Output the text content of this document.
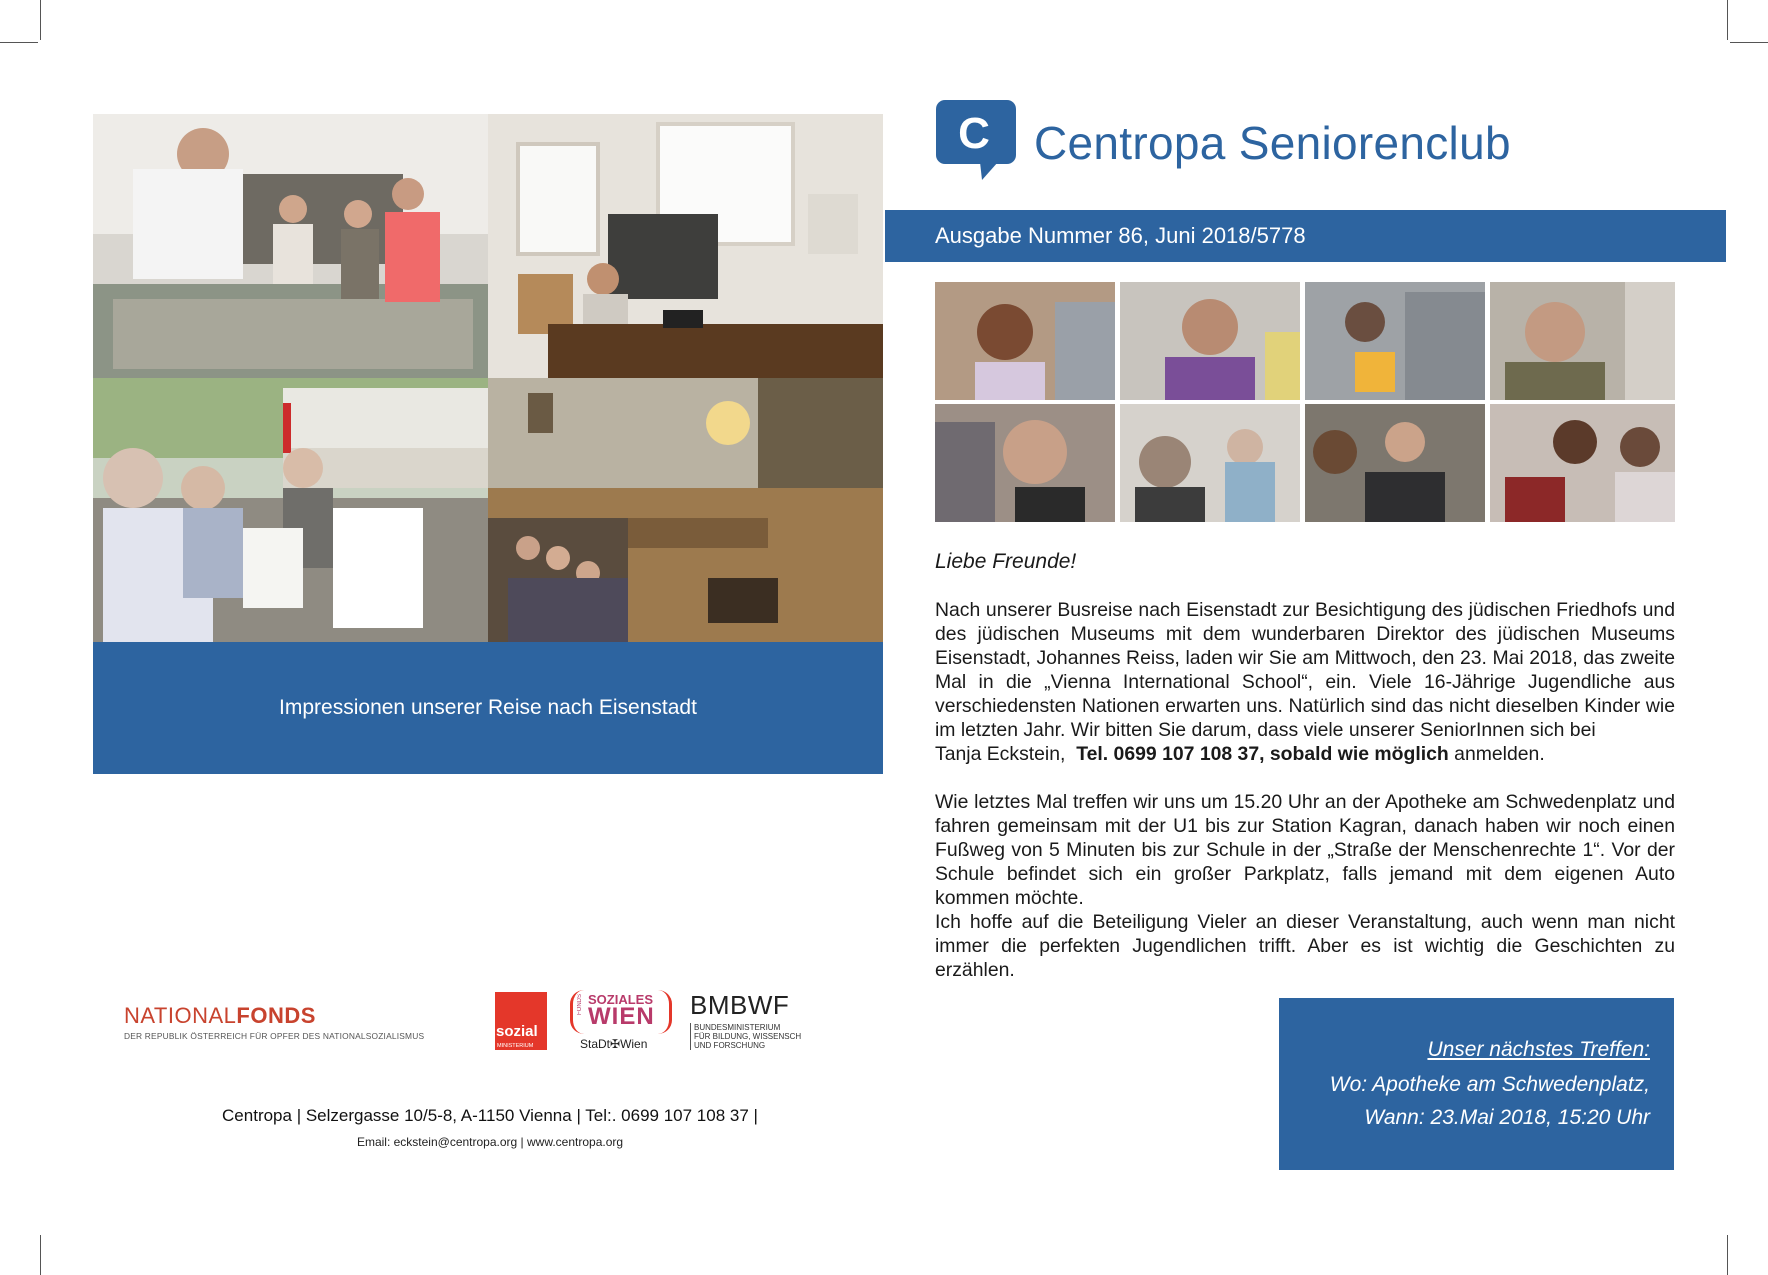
Impressionen unserer Reise nach Eisenstadt
NATIONALFONDS
DER REPUBLIK ÖSTERREICH FÜR OPFER DES NATIONALSOZIALISMUS	sozial
MINISTERIUM
FONDS SOZIALES
WIEN
StaDt✠Wien
BMBWF
BUNDESMINISTERIUM
FÜR BILDUNG, WISSENSCH
UND FORSCHUNG
Centropa | Selzergasse 10/5-8, A-1150 Vienna | Tel:. 0699 107 108 37 |
Email: eckstein@centropa.org | www.centropa.org
C Centropa Seniorenclub
Ausgabe Nummer 86, Juni 2018/5778
Liebe Freunde!

Nach unserer Busreise nach Eisenstadt zur Besichtigung des jüdischen Friedhofs und des jüdischen Museums mit dem wunderbaren Direktor des jüdischen Museums Eisenstadt, Johannes Reiss, laden wir Sie am Mittwoch, den 23. Mai 2018, das zweite Mal in die „Vienna International School“, ein. Viele 16-Jährige Jugendliche aus verschiedensten Nationen erwarten uns. Natürlich sind das nicht dieselben Kinder wie im letzten Jahr. Wir bitten Sie darum, dass viele unserer SeniorInnen sich bei

Tanja Eckstein, Tel. 0699 107 108 37, sobald wie möglich anmelden.

Wie letztes Mal treffen wir uns um 15.20 Uhr an der Apotheke am Schwedenplatz und fahren gemeinsam mit der U1 bis zur Station Kagran, danach haben wir noch einen Fußweg von 5 Minuten bis zur Schule in der „Straße der Menschenrechte 1“. Vor der Schule befindet sich ein großer Parkplatz, falls jemand mit dem eigenen Auto kommen möchte.

Ich hoffe auf die Beteiligung Vieler an dieser Veranstaltung, auch wenn man nicht immer die perfekten Jugendlichen trifft. Aber es ist wichtig die Geschichten zu erzählen.

Unser nächstes Treffen:
Wo: Apotheke am Schwedenplatz,
Wann: 23.Mai 2018, 15:20 Uhr
